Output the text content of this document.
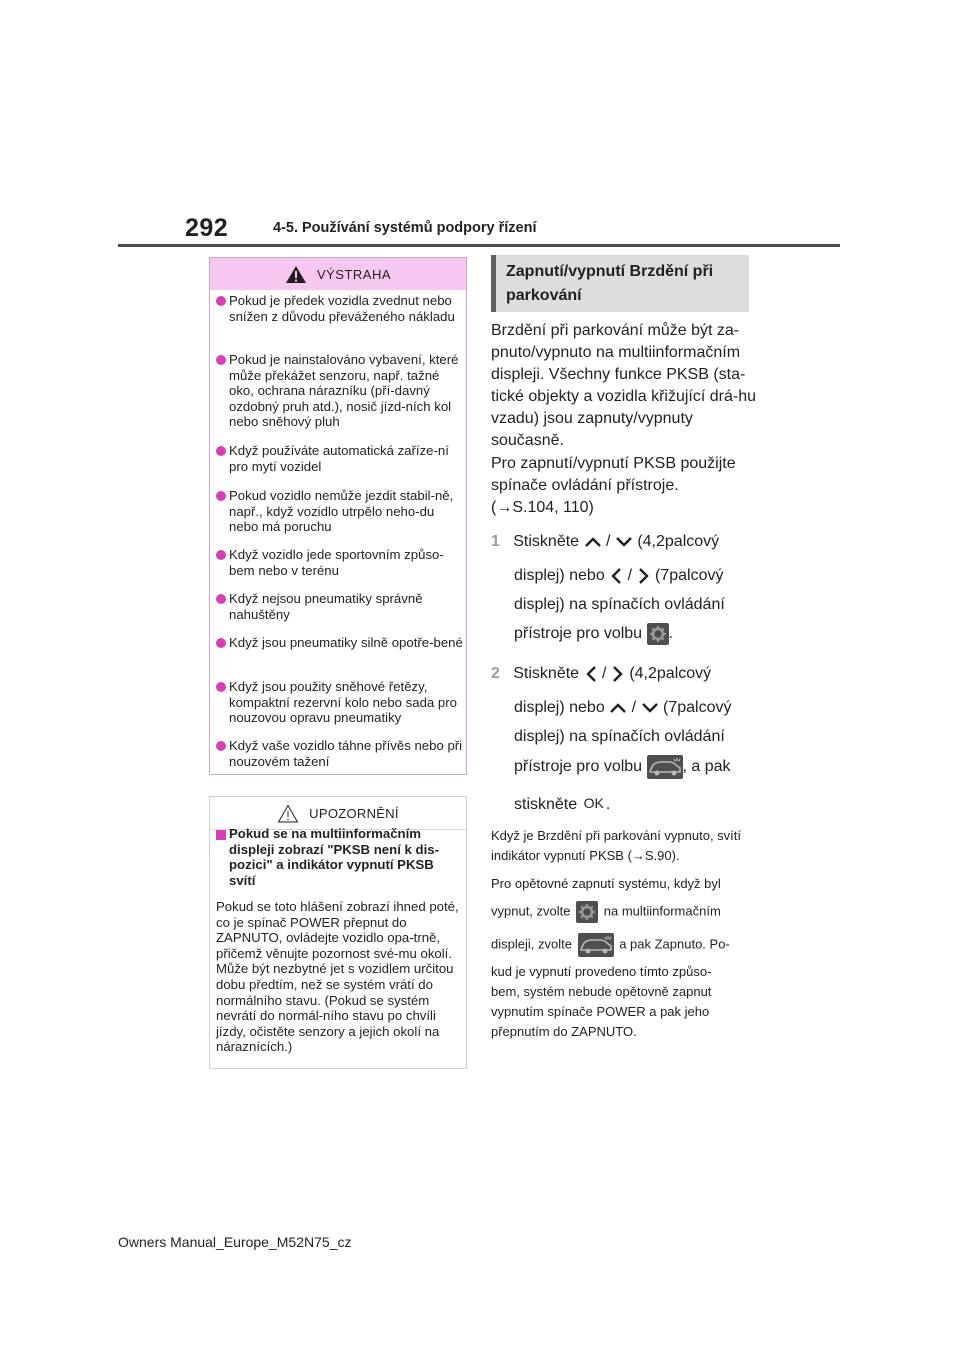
292	4-5. Používání systémů podpory řízení
VÝSTRAHA
Pokud je předek vozidla zvednut nebo snížen z důvodu převáženého nákladu
Pokud je nainstalováno vybavení, které může překážet senzoru, např. tažné oko, ochrana nárazníku (pří-davný ozdobný pruh atd.), nosič jízd-ních kol nebo sněhový pluh
Když používáte automatická zaříze-ní pro mytí vozidel
Pokud vozidlo nemůže jezdit stabil-ně, např., když vozidlo utrpělo neho-du nebo má poruchu
Když vozidlo jede sportovním způso-bem nebo v terénu
Když nejsou pneumatiky správně nahuštěny
Když jsou pneumatiky silně opotře-bené
Když jsou použity sněhové řetězy, kompaktní rezervní kolo nebo sada pro nouzovou opravu pneumatiky
Když vaše vozidlo táhne přívěs nebo při nouzovém tažení
UPOZORNĚNÍ
Pokud se na multiinformačním displeji zobrazí "PKSB není k dis-pozici" a indikátor vypnutí PKSB svítí
Pokud se toto hlášení zobrazí ihned poté, co je spínač POWER přepnut do ZAPNUTO, ovládejte vozidlo opa-trně, přičemž věnujte pozornost své-mu okolí. Může být nezbytné jet s vozidlem určitou dobu předtím, než se systém vrátí do normálního stavu. (Pokud se systém nevrátí do normál-ního stavu po chvíli jízdy, očistěte senzory a jejich okolí na náraznících.)
Zapnutí/vypnutí Brzdění při parkování
Brzdění při parkování může být za-pnuto/vypnuto na multiinformačním displeji. Všechny funkce PKSB (sta-tické objekty a vozidla křižující drá-hu vzadu) jsou zapnuty/vypnuty současně.
Pro zapnutí/vypnutí PKSB použijte spínače ovládání přístroje.
(→S.104, 110)
1 Stiskněte / (4,2palcový
displej) nebo / (7palcový
displej) na spínačích ovládání
přístroje pro volbu .
2 Stiskněte / (4,2palcový
displej) nebo / (7palcový
displej) na spínačích ovládání
přístroje pro volbu	, a pak
stiskněte OK .
Když je Brzdění při parkování vypnuto, svítí indikátor vypnutí PKSB (→S.90).
Pro opětovné zapnutí systému, když byl
vypnut, zvolte	na multiinformačním
displeji, zvolte	a pak Zapnuto. Po-
kud je vypnutí provedeno tímto způso-
bem, systém nebude opětovně zapnut
vypnutím spínače POWER a pak jeho
přepnutím do ZAPNUTO.
Owners Manual_Europe_M52N75_cz
